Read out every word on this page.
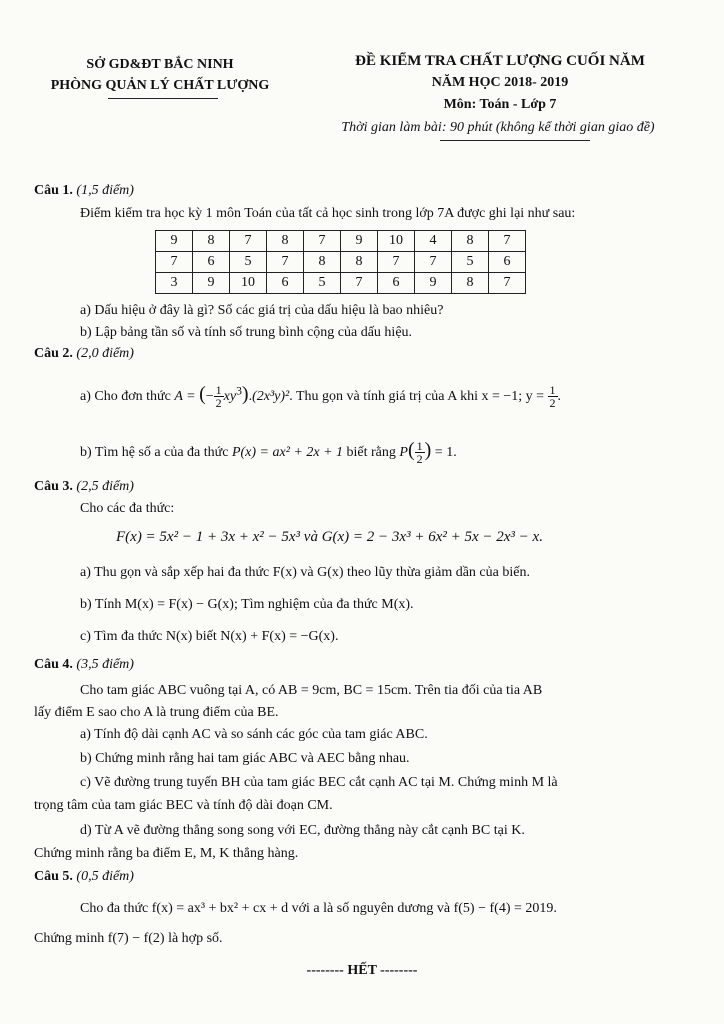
SỞ GD&ĐT BẮC NINH
PHÒNG QUẢN LÝ CHẤT LƯỢNG
ĐỀ KIỂM TRA CHẤT LƯỢNG CUỐI NĂM
NĂM HỌC 2018- 2019
Môn: Toán - Lớp 7
Thời gian làm bài: 90 phút (không kể thời gian giao đề)
Câu 1. (1,5 điểm)
Điểm kiểm tra học kỳ 1 môn Toán của tất cả học sinh trong lớp 7A được ghi lại như sau:
9	8	7	8	7	9	10	4	8	7
7	6	5	7	8	8	7	7	5	6
3	9	10	6	5	7	6	9	8	7
a) Dấu hiệu ở đây là gì? Số các giá trị của dấu hiệu là bao nhiêu?
b) Lập bảng tần số và tính số trung bình cộng của dấu hiệu.
Câu 2. (2,0 điểm)
a) Cho đơn thức A = (− $\frac{1}{2} xy^3).(2x^3y)^2$. Thu gọn và tính giá trị của A khi x = −1; $y = \frac{1}{2}$ .
b) Tìm hệ số a của đa thức P(x) = ax² + 2x + 1 biết rằng $P( \frac{1}{2}$ ) = 1.
Câu 3. (2,5 điểm)
Cho các đa thức:
F(x) = 5x² − 1 + 3x + x² − 5x³ và G(x) = 2 − 3x³ + 6x² + 5x − 2x³ − x.
a) Thu gọn và sắp xếp hai đa thức F(x) và G(x) theo lũy thừa giảm dần của biến.
b) Tính M(x) = F(x) − G(x); Tìm nghiệm của đa thức M(x).
c) Tìm đa thức N(x) biết N(x) + F(x) = −G(x).
Câu 4. (3,5 điểm)
Cho tam giác ABC vuông tại A, có AB = 9cm, BC = 15cm. Trên tia đối của tia AB
lấy điểm E sao cho A là trung điểm của BE.
a) Tính độ dài cạnh AC và so sánh các góc của tam giác ABC.
b) Chứng minh rằng hai tam giác ABC và AEC bằng nhau.
c) Vẽ đường trung tuyến BH của tam giác BEC cắt cạnh AC tại M. Chứng minh M là
trọng tâm của tam giác BEC và tính độ dài đoạn CM.
d) Từ A vẽ đường thẳng song song với EC, đường thẳng này cắt cạnh BC tại K.
Chứng minh rằng ba điểm E, M, K thẳng hàng.
Câu 5. (0,5 điểm)
Cho đa thức f(x) = ax³ + bx² + cx + d với a là số nguyên dương và f(5) − f(4) = 2019.
Chứng minh f(7) − f(2) là hợp số.
-------- HẾT --------
